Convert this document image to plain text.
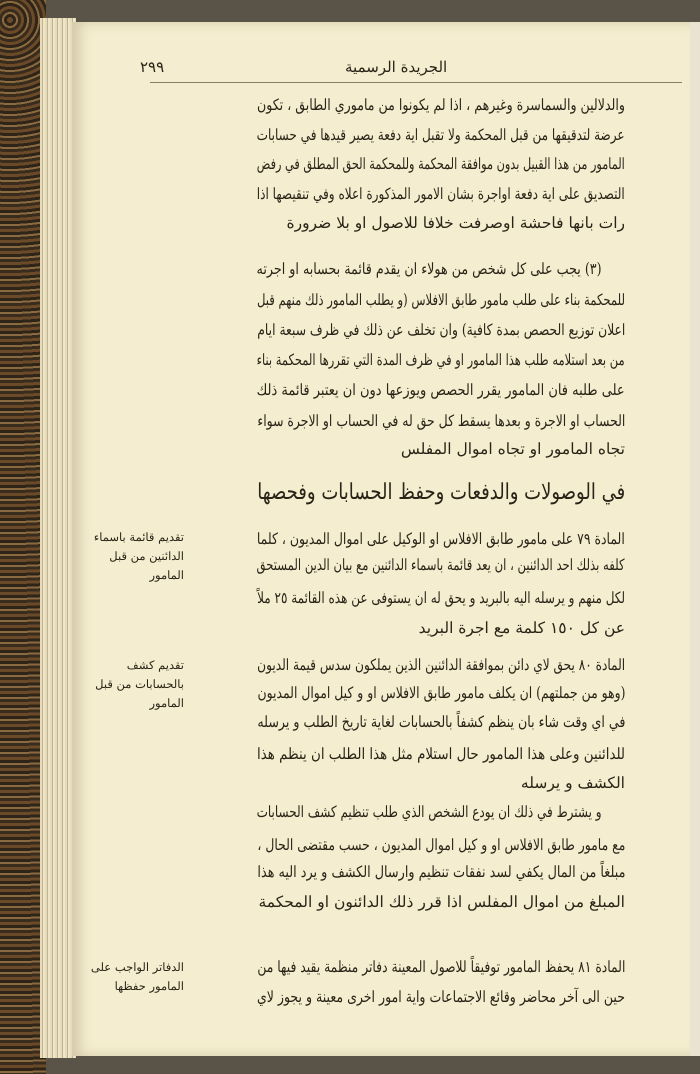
٢٩٩	الجريدة الرسمية
والدلالين والسماسرة وغيرهم ، اذا لم يكونوا من ماموري الطابق ، تكون
عرضة لتدقيقها من قبل المحكمة ولا تقبل اية دفعة يصير قيدها في حسابات
المامور من هذا القبيل بدون موافقة المحكمة وللمحكمة الحق المطلق في رفض
التصديق على اية دفعة اواجرة بشان الامور المذكورة اعلاه وفي تنقيصها اذا
رات بانها فاحشة اوصرفت خلافا للاصول او بلا ضرورة
(٣) يجب على كل شخص من هولاء ان يقدم قائمة بحسابه او اجرته
للمحكمة بناء على طلب مامور طابق الافلاس (و يطلب المامور ذلك منهم قبل
اعلان توزيع الحصص بمدة كافية) وان تخلف عن ذلك في ظرف سبعة ايام
من بعد استلامه طلب هذا المامور او في ظرف المدة التي تقررها المحكمة بناء
على طلبه فان المامور يقرر الحصص ويوزعها دون ان يعتبر قائمة ذلك
الحساب او الاجرة و بعدها يسقط كل حق له في الحساب او الاجرة سواء
تجاه المامور او تجاه اموال المفلس
المادة ٧٩ على مامور طابق الافلاس او الوكيل على اموال المديون ، كلما
كلفه بذلك احد الدائنين ، ان يعد قائمة باسماء الدائنين مع بيان الدين المستحق
لكل منهم و يرسله اليه بالبريد و يحق له ان يستوفى عن هذه القائمة ٢٥ ملاً
عن كل ١٥٠ كلمة مع اجرة البريد
المادة ٨٠ يحق لاي دائن بموافقة الدائنين الذين يملكون سدس قيمة الديون
(وهو من جملتهم) ان يكلف مامور طابق الافلاس او و كيل اموال المديون
في اي وقت شاء بان ينظم كشفاً بالحسابات لغاية تاريخ الطلب و يرسله
للدائنين وعلى هذا المامور حال استلام مثل هذا الطلب ان ينظم هذا
الكشف و يرسله
و يشترط في ذلك ان يودع الشخص الذي طلب تنظيم كشف الحسابات
مع مامور طابق الافلاس او و كيل اموال المديون ، حسب مقتضى الحال ،
مبلغاً من المال يكفي لسد نفقات تنظيم وارسال الكشف و يرد اليه هذا
المبلغ من اموال المفلس اذا قرر ذلك الدائنون او المحكمة
المادة ٨١ يحفظ المامور توفيقاً للاصول المعينة دفاتر منظمة يقيد فيها من
حين الى آخر محاضر وقائع الاجتماعات واية امور اخرى معينة و يجوز لاي
في الوصولات والدفعات وحفظ الحسابات وفحصها
تقديم قائمة باسماء الدائنين من قبل المامور
تقديم كشف بالحسابات من قبل المامور
الدفاتر الواجب على المامور حفظها
